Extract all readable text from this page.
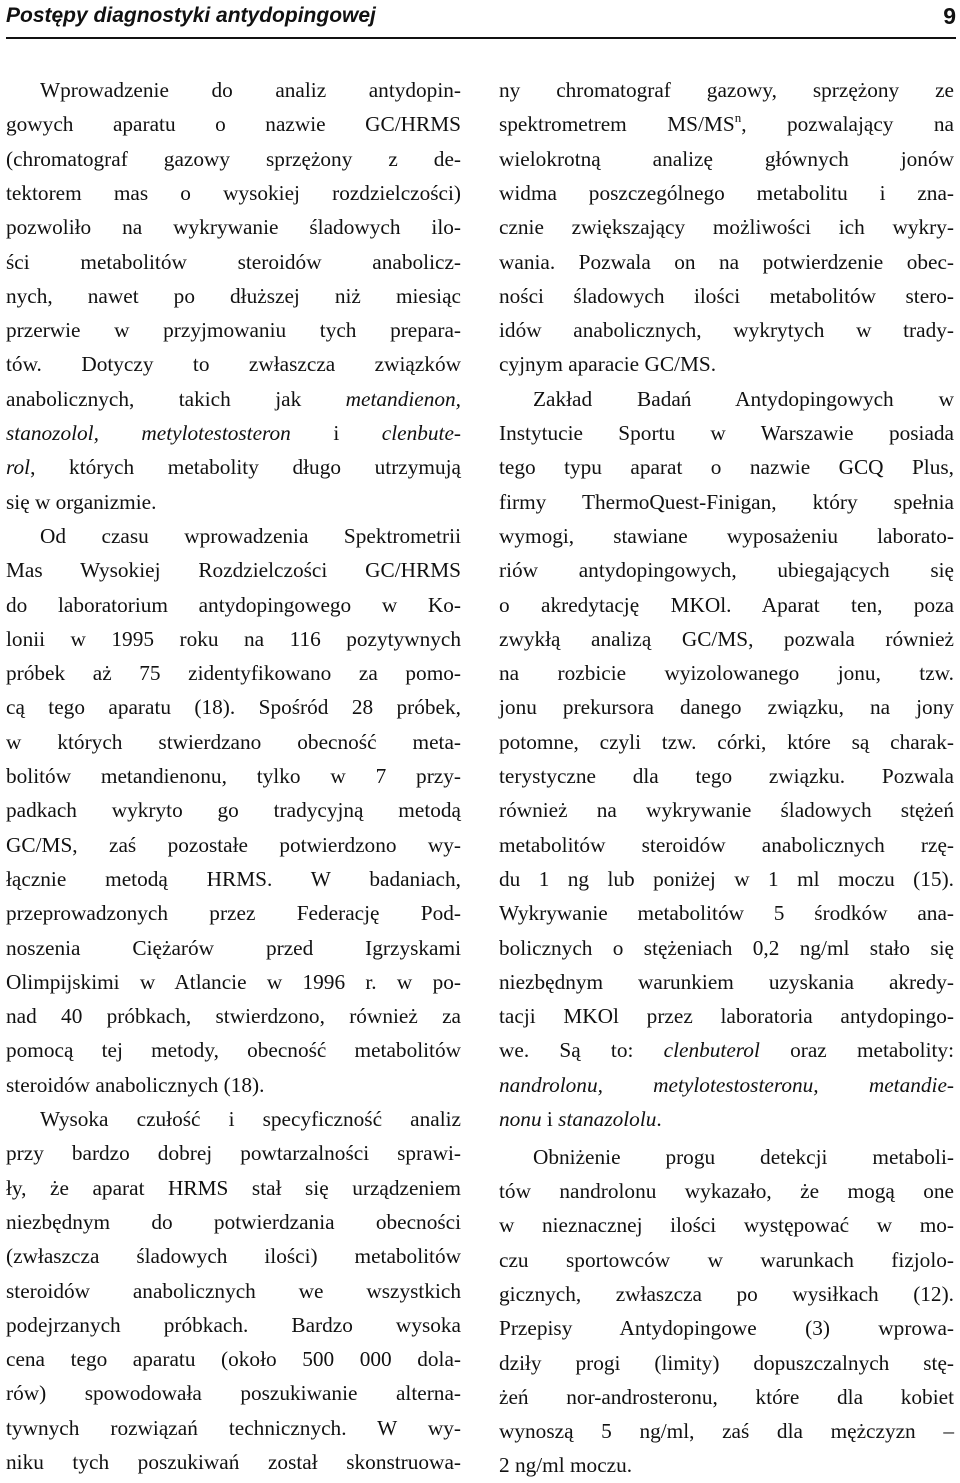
Postępy diagnostyki antydopingowej	9
Wprowadzenie do analiz antydopin-
gowych aparatu o nazwie GC/HRMS
(chromatograf gazowy sprzężony z de-
tektorem mas o wysokiej rozdzielczości)
pozwoliło na wykrywanie śladowych ilo-
ści metabolitów steroidów anabolicz-
nych, nawet po dłuższej niż miesiąc
przerwie w przyjmowaniu tych prepara-
tów. Dotyczy to zwłaszcza związków
anabolicznych, takich jak metandienon,
stanozolol, metylotestosteron i clenbute-
rol, których metabolity długo utrzymują
się w organizmie.
Od czasu wprowadzenia Spektrometrii
Mas Wysokiej Rozdzielczości GC/HRMS
do laboratorium antydopingowego w Ko-
lonii w 1995 roku na 116 pozytywnych
próbek aż 75 zidentyfikowano za pomo-
cą tego aparatu (18). Spośród 28 próbek,
w których stwierdzano obecność meta-
bolitów metandienonu, tylko w 7 przy-
padkach wykryto go tradycyjną metodą
GC/MS, zaś pozostałe potwierdzono wy-
łącznie metodą HRMS. W badaniach,
przeprowadzonych przez Federację Pod-
noszenia Ciężarów przed Igrzyskami
Olimpijskimi w Atlancie w 1996 r. w po-
nad 40 próbkach, stwierdzono, również za
pomocą tej metody, obecność metabolitów
steroidów anabolicznych (18).
Wysoka czułość i specyficzność analiz
przy bardzo dobrej powtarzalności sprawi-
ły, że aparat HRMS stał się urządzeniem
niezbędnym do potwierdzania obecności
(zwłaszcza śladowych ilości) metabolitów
steroidów anabolicznych we wszystkich
podejrzanych próbkach. Bardzo wysoka
cena tego aparatu (około 500 000 dola-
rów) spowodowała poszukiwanie alterna-
tywnych rozwiązań technicznych. W wy-
niku tych poszukiwań został skonstruowa-
ny chromatograf gazowy, sprzężony ze
spektrometrem $MS/MS^n$, pozwalający na
wielokrotną analizę głównych jonów
widma poszczególnego metabolitu i zna-
cznie zwiększający możliwości ich wykry-
wania. Pozwala on na potwierdzenie obec-
ności śladowych ilości metabolitów stero-
idów anabolicznych, wykrytych w trady-
cyjnym aparacie GC/MS.
Zakład Badań Antydopingowych w
Instytucie Sportu w Warszawie posiada
tego typu aparat o nazwie GCQ Plus,
firmy ThermoQuest-Finigan, który spełnia
wymogi, stawiane wyposażeniu laborato-
riów antydopingowych, ubiegających się
o akredytację MKOl. Aparat ten, poza
zwykłą analizą GC/MS, pozwala również
na rozbicie wyizolowanego jonu, tzw.
jonu prekursora danego związku, na jony
potomne, czyli tzw. córki, które są charak-
terystyczne dla tego związku. Pozwala
również na wykrywanie śladowych stężeń
metabolitów steroidów anabolicznych rzę-
du 1 ng lub poniżej w 1 ml moczu (15).
Wykrywanie metabolitów 5 środków ana-
bolicznych o stężeniach 0,2 ng/ml stało się
niezbędnym warunkiem uzyskania akredy-
tacji MKOl przez laboratoria antydopingo-
we. Są to: clenbuterol oraz metabolity:
nandrolonu, metylotestosteronu, metandie-
nonu i stanazololu.
Obniżenie progu detekcji metaboli-
tów nandrolonu wykazało, że mogą one
w nieznacznej ilości występować w mo-
czu sportowców w warunkach fizjolo-
gicznych, zwłaszcza po wysiłkach (12).
Przepisy Antydopingowe (3) wprowa-
dziły progi (limity) dopuszczalnych stę-
żeń nor-androsteronu, które dla kobiet
wynoszą 5 ng/ml, zaś dla mężczyzn –
2 ng/ml moczu.
